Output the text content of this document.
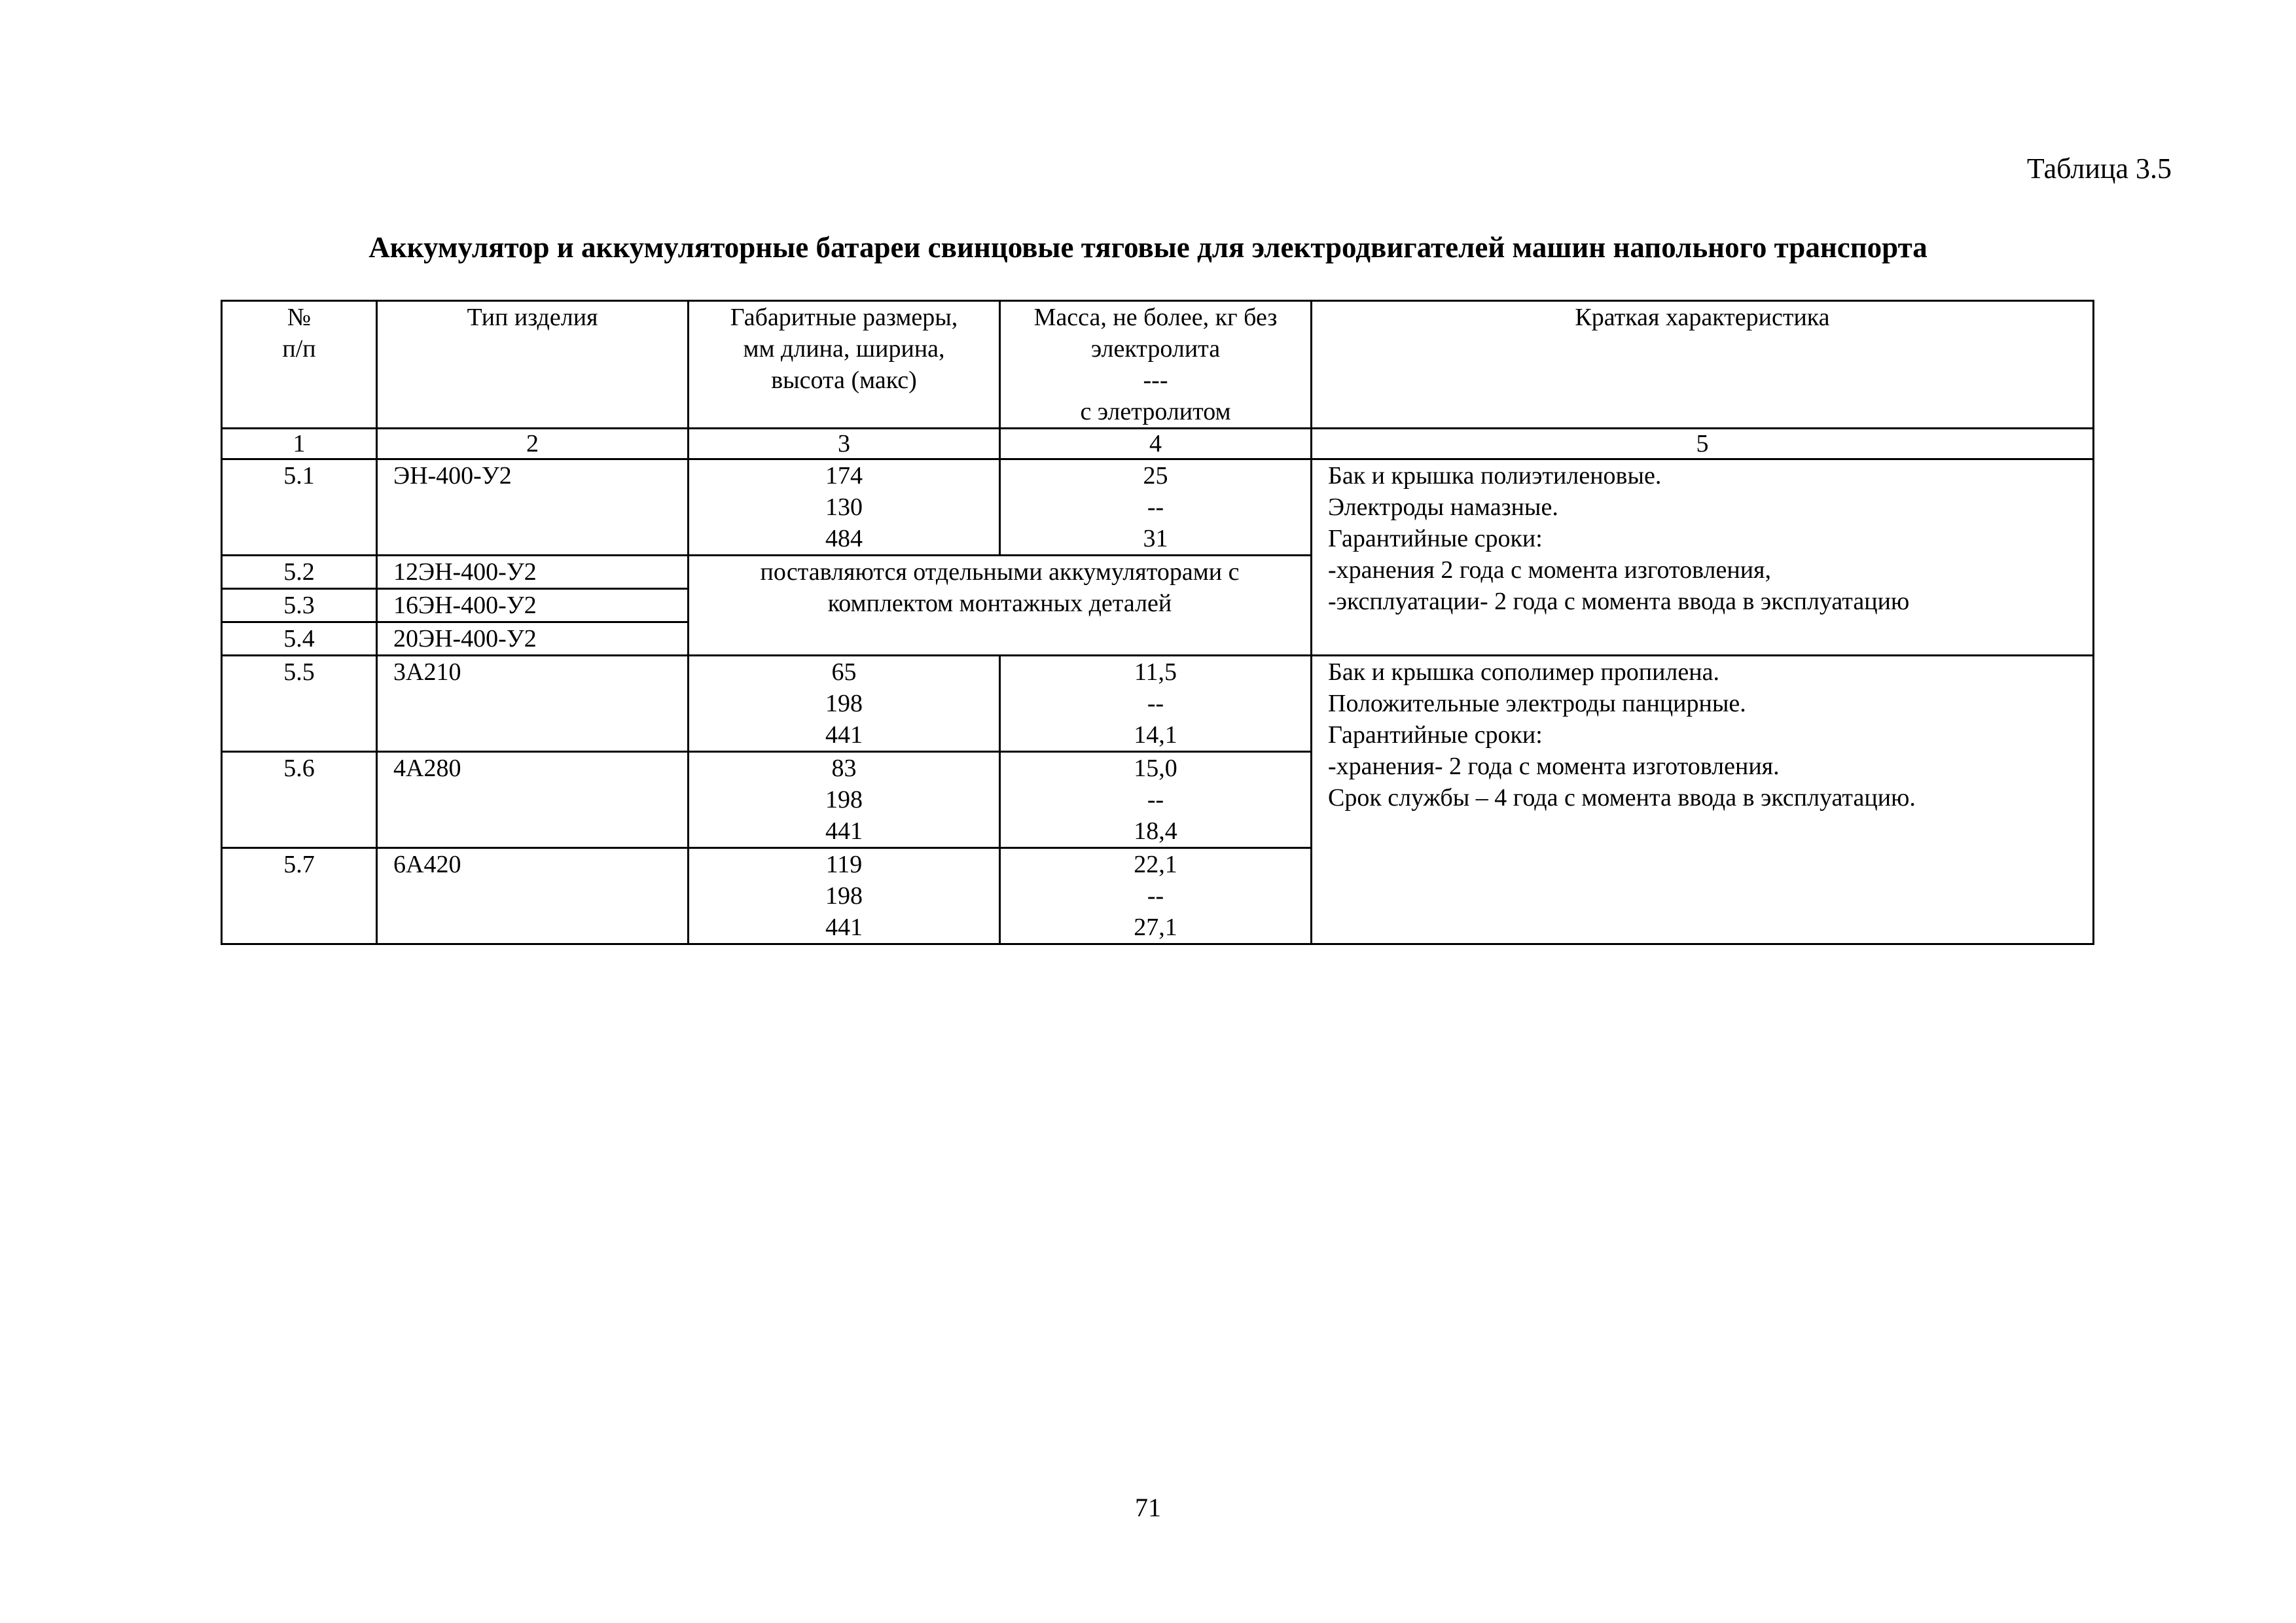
Таблица 3.5
Аккумулятор и аккумуляторные батареи свинцовые тяговые для электродвигателей машин напольного транспорта
№
п/п	Тип изделия	Габаритные размеры,
мм длина, ширина,
высота (макс)	Масса, не более, кг без
электролита
---
с элетролитом	Краткая характеристика
1	2	3	4	5
5.1	ЭН-400-У2	174
130
484	25
--
31	Бак и крышка полиэтиленовые.
Электроды намазные.
Гарантийные сроки:
-хранения 2 года с момента изготовления,
-эксплуатации- 2 года с момента ввода в эксплуатацию

5.2	12ЭН-400-У2	поставляются отдельными аккумуляторами с
комплектом монтажных деталей		

5.3	16ЭН-400-У2			
5.4	20ЭН-400-У2			
5.5	3А210	65
198
441	11,5
--
14,1	Бак и крышка сополимер пропилена.
Положительные электроды панцирные.
Гарантийные сроки:
-хранения- 2 года с момента изготовления.
Срок службы – 4 года с момента ввода в эксплуатацию.

5.6	4А280	83
198
441	15,0
--
18,4	

5.7	6А420	119
198
441	22,1
--
27,1	
71
